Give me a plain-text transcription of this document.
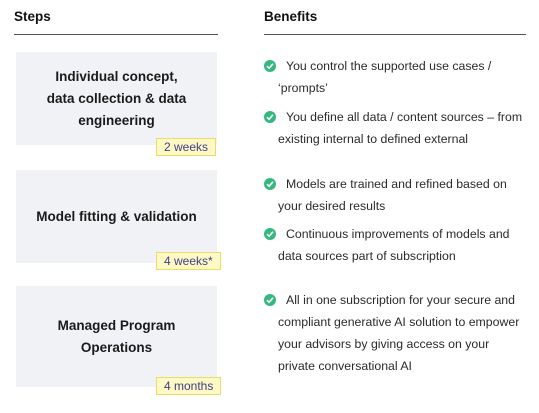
Steps	Benefits
Individual concept,
data collection & data
engineering
2 weeks
Model fitting & validation
4 weeks*
Managed Program
Operations
4 months
You control the supported use cases / ‘prompts’
You define all data / content sources – from existing internal to defined external
Models are trained and refined based on your desired results
Continuous improvements of models and data sources part of subscription
All in one subscription for your secure and compliant generative AI solution to empower your advisors by giving access on your private conversational AI
